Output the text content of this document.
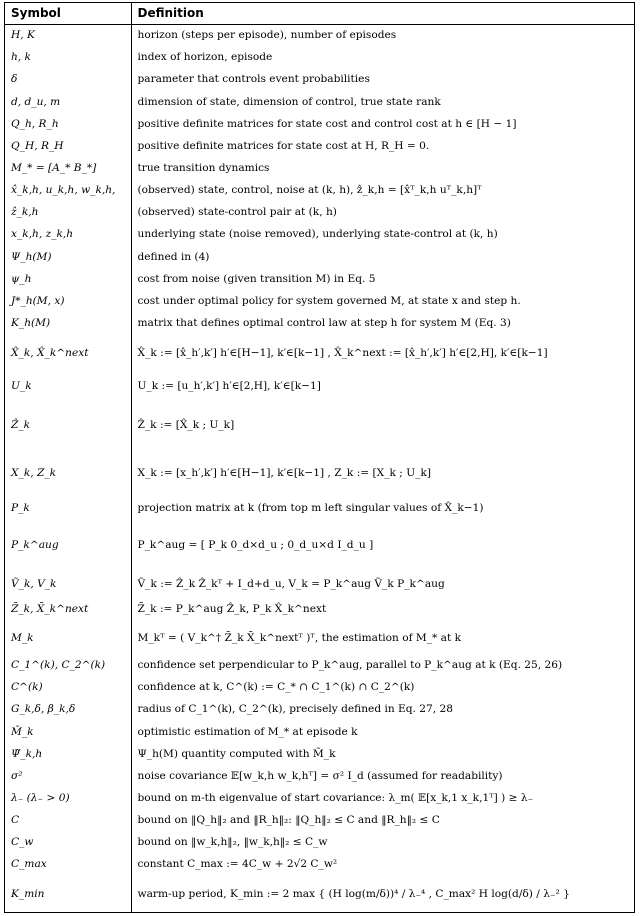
Symbol	Definition
H, K	horizon (steps per episode), number of episodes
h, k	index of horizon, episode
δ	parameter that controls event probabilities
d, d_u, m	dimension of state, dimension of control, true state rank
Q_h, R_h	positive definite matrices for state cost and control cost at h ∈ [H − 1]
Q_H, R_H	positive definite matrices for state cost at H, R_H = 0.
M_* = [A_* B_*]	true transition dynamics
x̂_k,h, u_k,h, w_k,h,	(observed) state, control, noise at (k, h), ẑ_k,h = [x̂ᵀ_k,h uᵀ_k,h]ᵀ
ẑ_k,h	(observed) state-control pair at (k, h)
x_k,h, z_k,h	underlying state (noise removed), underlying state-control at (k, h)
Ψ_h(M)	defined in (4)
ψ_h	cost from noise (given transition M) in Eq. 5
J*_h(M, x)	cost under optimal policy for system governed M, at state x and step h.
K_h(M)	matrix that defines optimal control law at step h for system M (Eq. 3)
X̂_k, X̂_k^next	X̂_k := [x̂_h′,k′] h′∈[H−1], k′∈[k−1] , X̂_k^next := [x̂_h′,k′] h′∈[2,H], k′∈[k−1]
U_k	U_k := [u_h′,k′] h′∈[2,H], k′∈[k−1]
Ẑ_k	Ẑ_k := [X̂_k ; U_k]
X_k, Z_k	X_k := [x_h′,k′] h′∈[H−1], k′∈[k−1] , Z_k := [X_k ; U_k]
P_k	projection matrix at k (from top m left singular values of X̂_k−1)
P_k^aug	P_k^aug = [ P_k 0_d×d_u ; 0_d_u×d I_d_u ]
Ṽ_k, V_k	Ṽ_k := Ẑ_k Ẑ_kᵀ + I_d+d_u, V_k = P_k^aug Ṽ_k P_k^aug
Z̄_k, X̄_k^next	Z̄_k := P_k^aug Ẑ_k, P_k X̂_k^next
M_k	M_kᵀ = ( V_k^† Z̄_k X̄_k^nextᵀ )ᵀ, the estimation of M_* at k
C_1^(k), C_2^(k)	confidence set perpendicular to P_k^aug, parallel to P_k^aug at k (Eq. 25, 26)
C^(k)	confidence at k, C^(k) := C_* ∩ C_1^(k) ∩ C_2^(k)
G_k,δ, β_k,δ	radius of C_1^(k), C_2^(k), precisely defined in Eq. 27, 28
M̃_k	optimistic estimation of M_* at episode k
Ψ̃_k,h	Ψ_h(M) quantity computed with M̃_k
σ²	noise covariance 𝔼[w_k,h w_k,hᵀ] = σ² I_d (assumed for readability)
λ₋ (λ₋ > 0)	bound on m-th eigenvalue of start covariance: λ_m( 𝔼[x_k,1 x_k,1ᵀ] ) ≥ λ₋
C	bound on ‖Q_h‖₂ and ‖R_h‖₂: ‖Q_h‖₂ ≤ C and ‖R_h‖₂ ≤ C
C_w	bound on ‖w_k,h‖₂, ‖w_k,h‖₂ ≤ C_w
C_max	constant C_max := 4C_w + 2√2 C_w²
K_min	warm-up period, K_min := 2 max { (H log(m/δ))⁴ / λ₋⁴ , C_max² H log(d/δ) / λ₋² }
